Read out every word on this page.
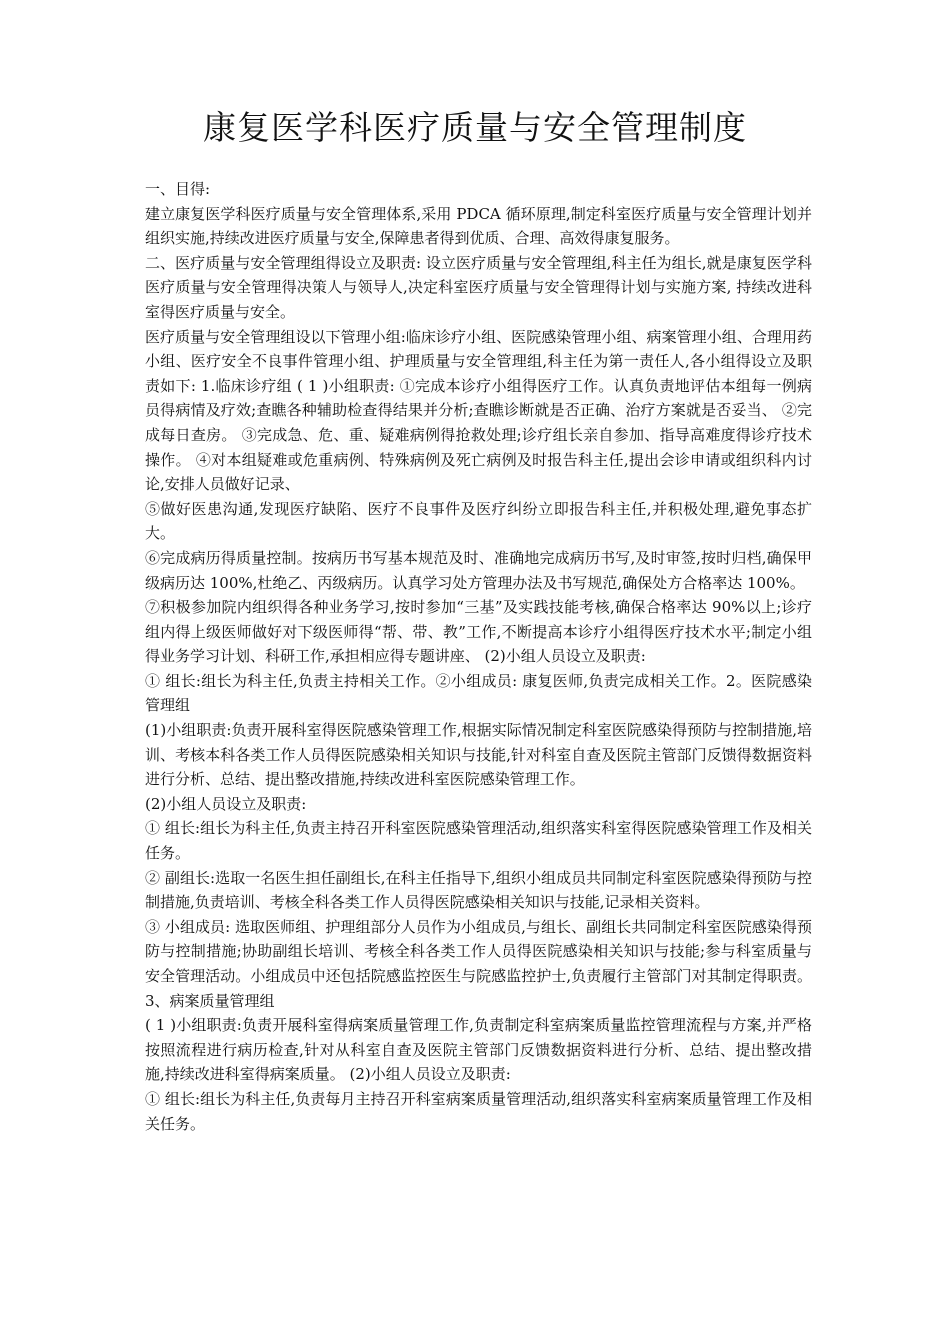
康复医学科医疗质量与安全管理制度

一、目得:

建立康复医学科医疗质量与安全管理体系,采用 PDCA 循环原理,制定科室医疗质量与安全管理计划并组织实施,持续改进医疗质量与安全,保障患者得到优质、合理、高效得康复服务。

二、医疗质量与安全管理组得设立及职责: 设立医疗质量与安全管理组,科主任为组长,就是康复医学科医疗质量与安全管理得决策人与领导人,决定科室医疗质量与安全管理得计划与实施方案, 持续改进科室得医疗质量与安全。

医疗质量与安全管理组设以下管理小组:临床诊疗小组、医院感染管理小组、病案管理小组、合理用药小组、医疗安全不良事件管理小组、护理质量与安全管理组,科主任为第一责任人,各小组得设立及职责如下: 1.临床诊疗组 ( 1 )小组职责: ①完成本诊疗小组得医疗工作。认真负责地评估本组每一例病员得病情及疗效;查瞧各种辅助检查得结果并分析;查瞧诊断就是否正确、治疗方案就是否妥当、 ②完成每日查房。 ③完成急、危、重、疑难病例得抢救处理;诊疗组长亲自参加、指导高难度得诊疗技术操作。 ④对本组疑难或危重病例、特殊病例及死亡病例及时报告科主任,提出会诊申请或组织科内讨论,安排人员做好记录、

⑤做好医患沟通,发现医疗缺陷、医疗不良事件及医疗纠纷立即报告科主任,并积极处理,避免事态扩大。

⑥完成病历得质量控制。按病历书写基本规范及时、准确地完成病历书写,及时审签,按时归档,确保甲级病历达 100%,杜绝乙、丙级病历。认真学习处方管理办法及书写规范,确保处方合格率达 100%。

⑦积极参加院内组织得各种业务学习,按时参加“三基”及实践技能考核,确保合格率达 90%以上;诊疗组内得上级医师做好对下级医师得“帮、带、教”工作,不断提高本诊疗小组得医疗技术水平;制定小组得业务学习计划、科研工作,承担相应得专题讲座、 (2)小组人员设立及职责:

① 组长:组长为科主任,负责主持相关工作。②小组成员: 康复医师,负责完成相关工作。2。医院感染管理组

(1)小组职责:负责开展科室得医院感染管理工作,根据实际情况制定科室医院感染得预防与控制措施,培训、考核本科各类工作人员得医院感染相关知识与技能,针对科室自查及医院主管部门反馈得数据资料进行分析、总结、提出整改措施,持续改进科室医院感染管理工作。

(2)小组人员设立及职责:

① 组长:组长为科主任,负责主持召开科室医院感染管理活动,组织落实科室得医院感染管理工作及相关任务。

② 副组长:选取一名医生担任副组长,在科主任指导下,组织小组成员共同制定科室医院感染得预防与控制措施,负责培训、考核全科各类工作人员得医院感染相关知识与技能,记录相关资料。

③ 小组成员: 选取医师组、护理组部分人员作为小组成员,与组长、副组长共同制定科室医院感染得预防与控制措施;协助副组长培训、考核全科各类工作人员得医院感染相关知识与技能;参与科室质量与安全管理活动。小组成员中还包括院感监控医生与院感监控护士,负责履行主管部门对其制定得职责。 3、病案质量管理组

( 1 )小组职责:负责开展科室得病案质量管理工作,负责制定科室病案质量监控管理流程与方案,并严格按照流程进行病历检查,针对从科室自查及医院主管部门反馈数据资料进行分析、总结、提出整改措施,持续改进科室得病案质量。 (2)小组人员设立及职责:

① 组长:组长为科主任,负责每月主持召开科室病案质量管理活动,组织落实科室病案质量管理工作及相关任务。
